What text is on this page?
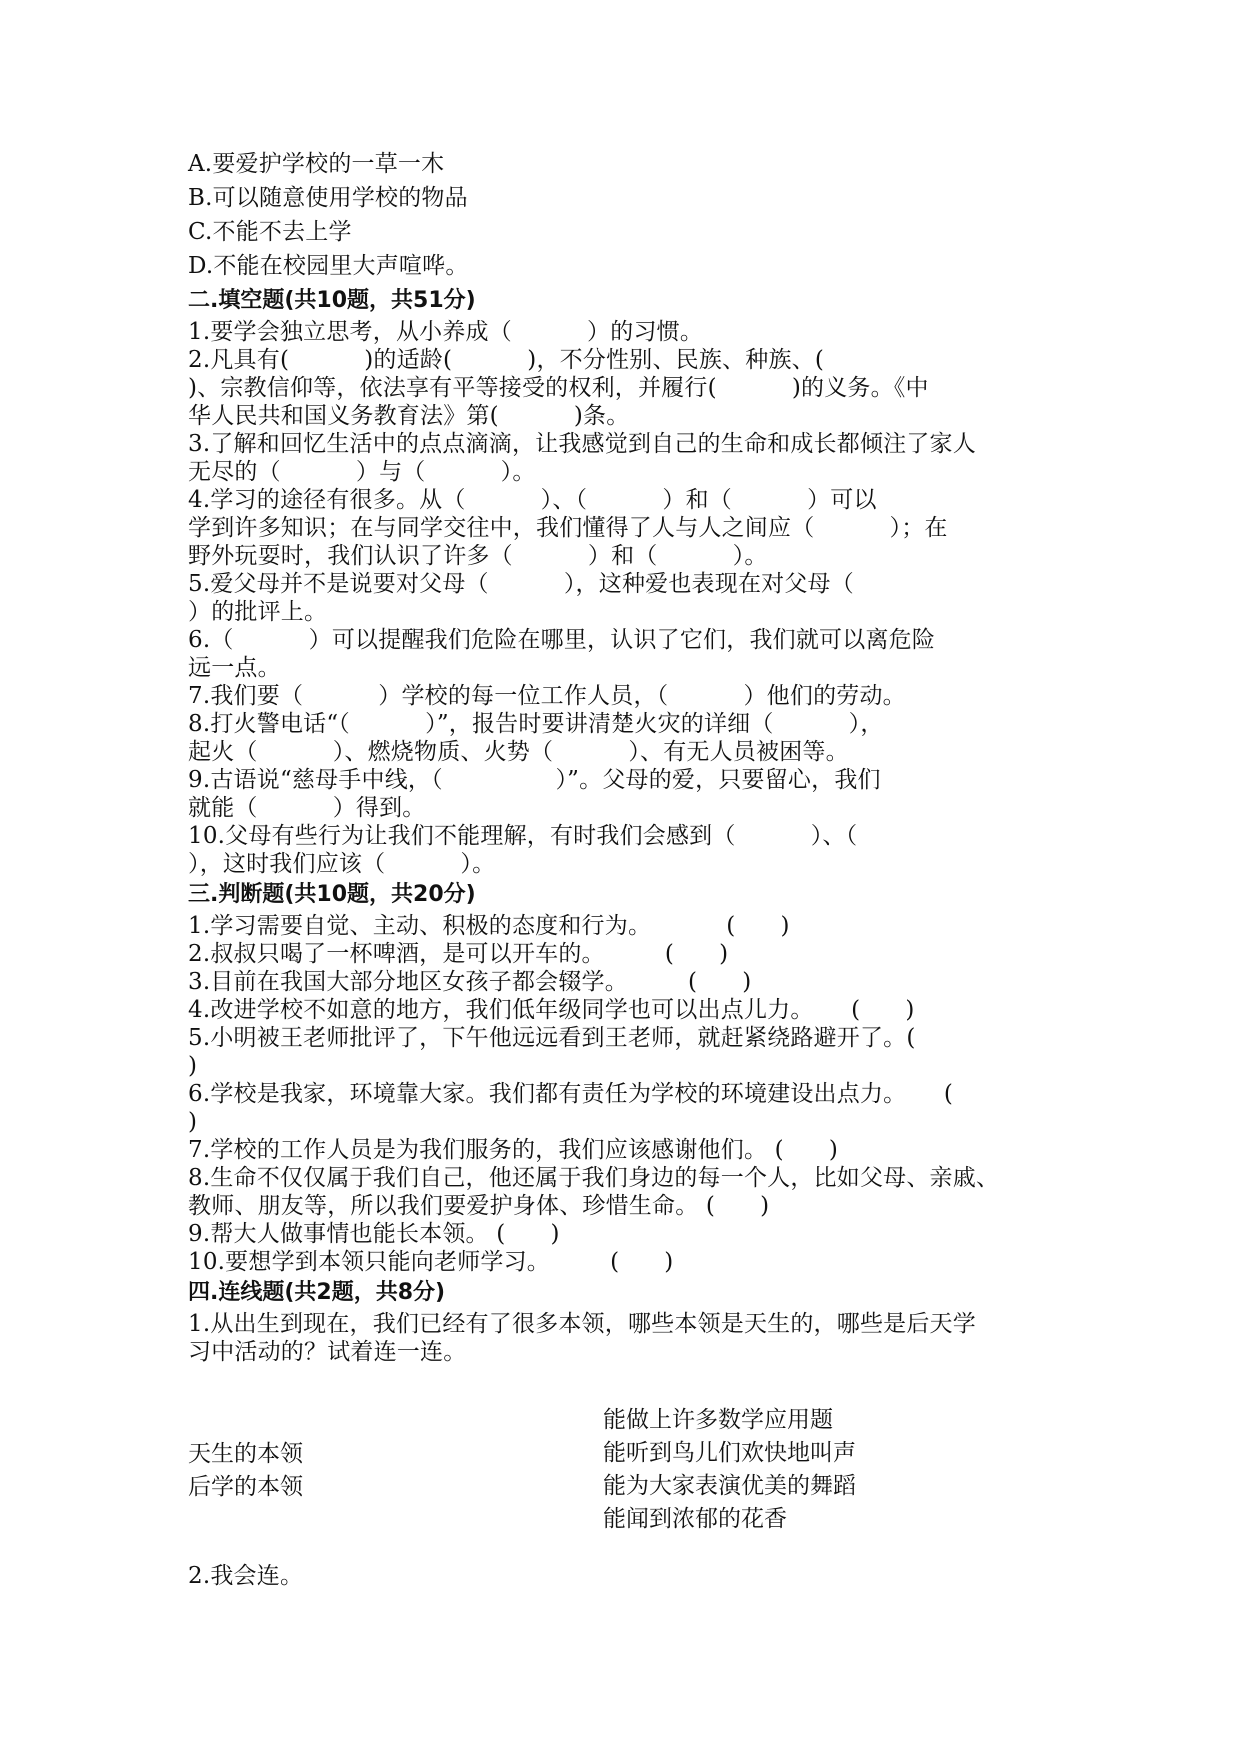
A.要爱护学校的一草一木

B.可以随意使用学校的物品

C.不能不去上学

D.不能在校园里大声喧哗。

二.填空题(共10题，共51分)

1.要学会独立思考，从小养成（          ）的习惯。

2.凡具有(          )的适龄(          )，不分性别、民族、种族、(

)、宗教信仰等，依法享有平等接受的权利，并履行(          )的义务。《中

华人民共和国义务教育法》第(          )条。

3.了解和回忆生活中的点点滴滴，让我感觉到自己的生命和成长都倾注了家人

无尽的（          ）与（          ）。

4.学习的途径有很多。从（          ）、（          ）和（          ）可以

学到许多知识；在与同学交往中，我们懂得了人与人之间应（          ）；在

野外玩耍时，我们认识了许多（          ）和（          ）。

5.爱父母并不是说要对父母（          ），这种爱也表现在对父母（

）的批评上。

6.（          ）可以提醒我们危险在哪里，认识了它们，我们就可以离危险

远一点。

7.我们要（          ）学校的每一位工作人员，（          ）他们的劳动。

8.打火警电话“（          ）”，报告时要讲清楚火灾的详细（          ），

起火（          ）、燃烧物质、火势（          ）、有无人员被困等。

9.古语说“慈母手中线，（               ）”。父母的爱，只要留心，我们

就能（          ）得到。

10.父母有些行为让我们不能理解，有时我们会感到（          ）、（

），这时我们应该（          ）。

三.判断题(共10题，共20分)

1.学习需要自觉、主动、积极的态度和行为。          (      )

2.叔叔只喝了一杯啤酒，是可以开车的。        (      )

3.目前在我国大部分地区女孩子都会辍学。        (      )

4.改进学校不如意的地方，我们低年级同学也可以出点儿力。     (      )

5.小明被王老师批评了，下午他远远看到王老师，就赶紧绕路避开了。(

)

6.学校是我家，环境靠大家。我们都有责任为学校的环境建设出点力。     (

)

7.学校的工作人员是为我们服务的，我们应该感谢他们。 (      )

8.生命不仅仅属于我们自己，他还属于我们身边的每一个人，比如父母、亲戚、

教师、朋友等，所以我们要爱护身体、珍惜生命。 (      )

9.帮大人做事情也能长本领。 (      )

10.要想学到本领只能向老师学习。        (      )

四.连线题(共2题，共8分)

1.从出生到现在，我们已经有了很多本领，哪些本领是天生的，哪些是后天学

习中活动的？试着连一连。

天生的本领
后学的本领
能做上许多数学应用题
能听到鸟儿们欢快地叫声
能为大家表演优美的舞蹈
能闻到浓郁的花香

2.我会连。
